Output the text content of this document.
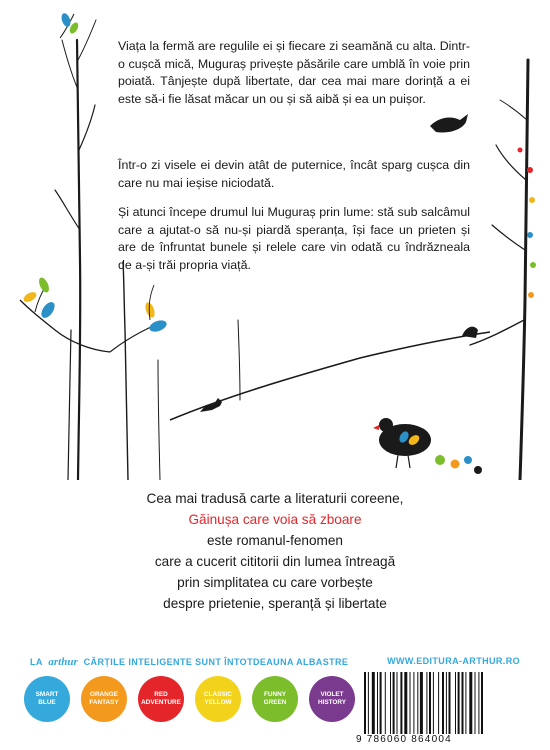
Viața la fermă are regulile ei și fiecare zi seamănă cu alta. Dintr-o cușcă mică, Muguraș privește păsările care umblă în voie prin poiată. Tânjește după libertate, dar cea mai mare dorință a ei este să-i fie lăsat măcar un ou și să aibă și ea un puișor.

Într-o zi visele ei devin atât de puternice, încât sparg cușca din care nu mai ieșise niciodată.

Și atunci începe drumul lui Mugurаș prin lume: stă sub salcâmul care a ajutat-o să nu-și piardă speranța, își face un prieten și are de înfruntat bunele și relele care vin odată cu îndrăzneala de a-și trăi propria viață.

Cea mai tradusă carte a literaturii coreene,
Găinușa care voia să zboare
este romanul-fenomen
care a cucerit cititorii din lumea întreagă
prin simplitatea cu care vorbește
despre prietenie, speranță și libertate
LA arthur CĂRȚILE INTELIGENTE SUNT ÎNTOTDEAUNA ALBASTRE	WWW.EDITURA-ARTHUR.RO
SMART
BLUE
ORANGE
FANTASY
RED
ADVENTURE
CLASSIC
YELLOW
FUNNY
GREEN
VIOLET
HISTORY
9 786060 864004
